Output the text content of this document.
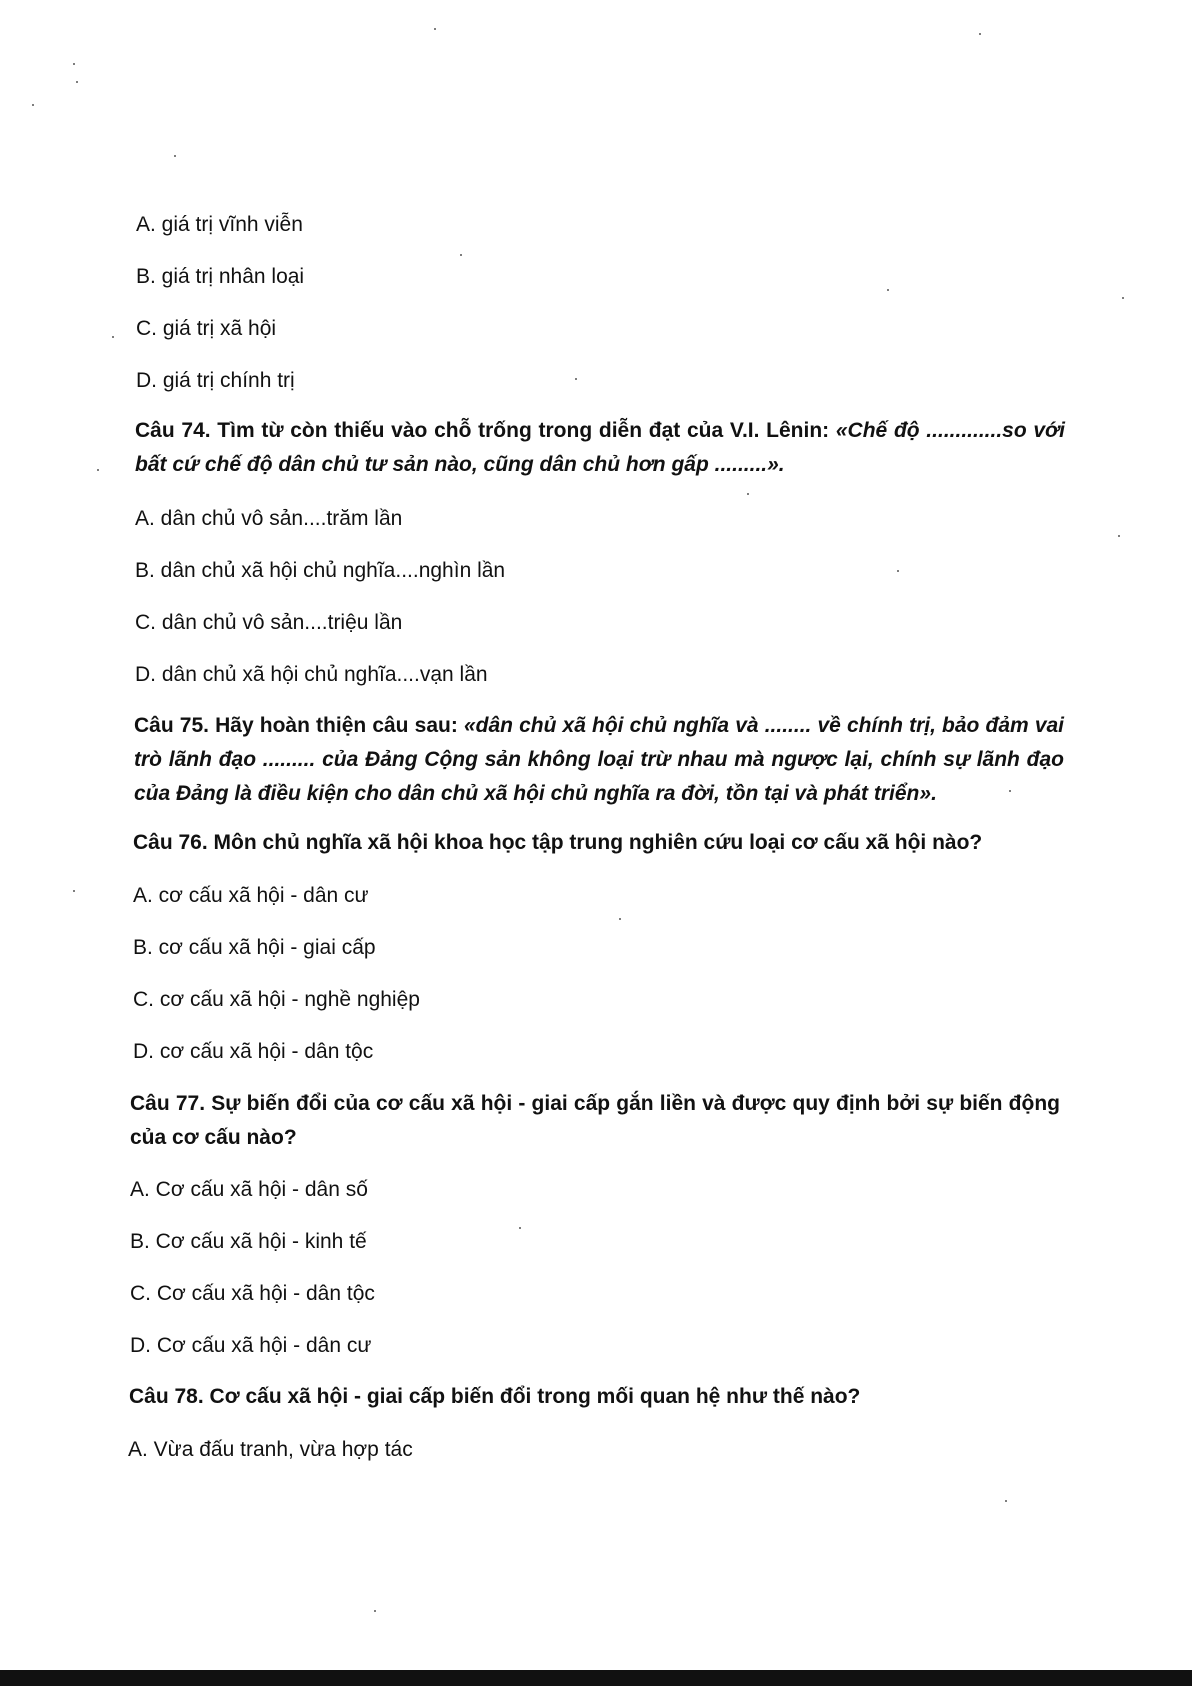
A. giá trị vĩnh viễn
B. giá trị nhân loại
C. giá trị xã hội
D. giá trị chính trị
Câu 74. Tìm từ còn thiếu vào chỗ trống trong diễn đạt của V.I. Lênin: «Chế độ .............so với bất cứ chế độ dân chủ tư sản nào, cũng dân chủ hơn gấp .........».
A. dân chủ vô sản....trăm lần
B. dân chủ xã hội chủ nghĩa....nghìn lần
C. dân chủ vô sản....triệu lần
D. dân chủ xã hội chủ nghĩa....vạn lần
Câu 75. Hãy hoàn thiện câu sau: «dân chủ xã hội chủ nghĩa và ........ về chính trị, bảo đảm vai trò lãnh đạo ......... của Đảng Cộng sản không loại trừ nhau mà ngược lại, chính sự lãnh đạo của Đảng là điều kiện cho dân chủ xã hội chủ nghĩa ra đời, tồn tại và phát triển».
Câu 76. Môn chủ nghĩa xã hội khoa học tập trung nghiên cứu loại cơ cấu xã hội nào?
A. cơ cấu xã hội - dân cư
B. cơ cấu xã hội - giai cấp
C. cơ cấu xã hội - nghề nghiệp
D. cơ cấu xã hội - dân tộc
Câu 77. Sự biến đổi của cơ cấu xã hội - giai cấp gắn liền và được quy định bởi sự biến động của cơ cấu nào?
A. Cơ cấu xã hội - dân số
B. Cơ cấu xã hội - kinh tế
C. Cơ cấu xã hội - dân tộc
D. Cơ cấu xã hội - dân cư
Câu 78. Cơ cấu xã hội - giai cấp biến đổi trong mối quan hệ như thế nào?
A. Vừa đấu tranh, vừa hợp tác
